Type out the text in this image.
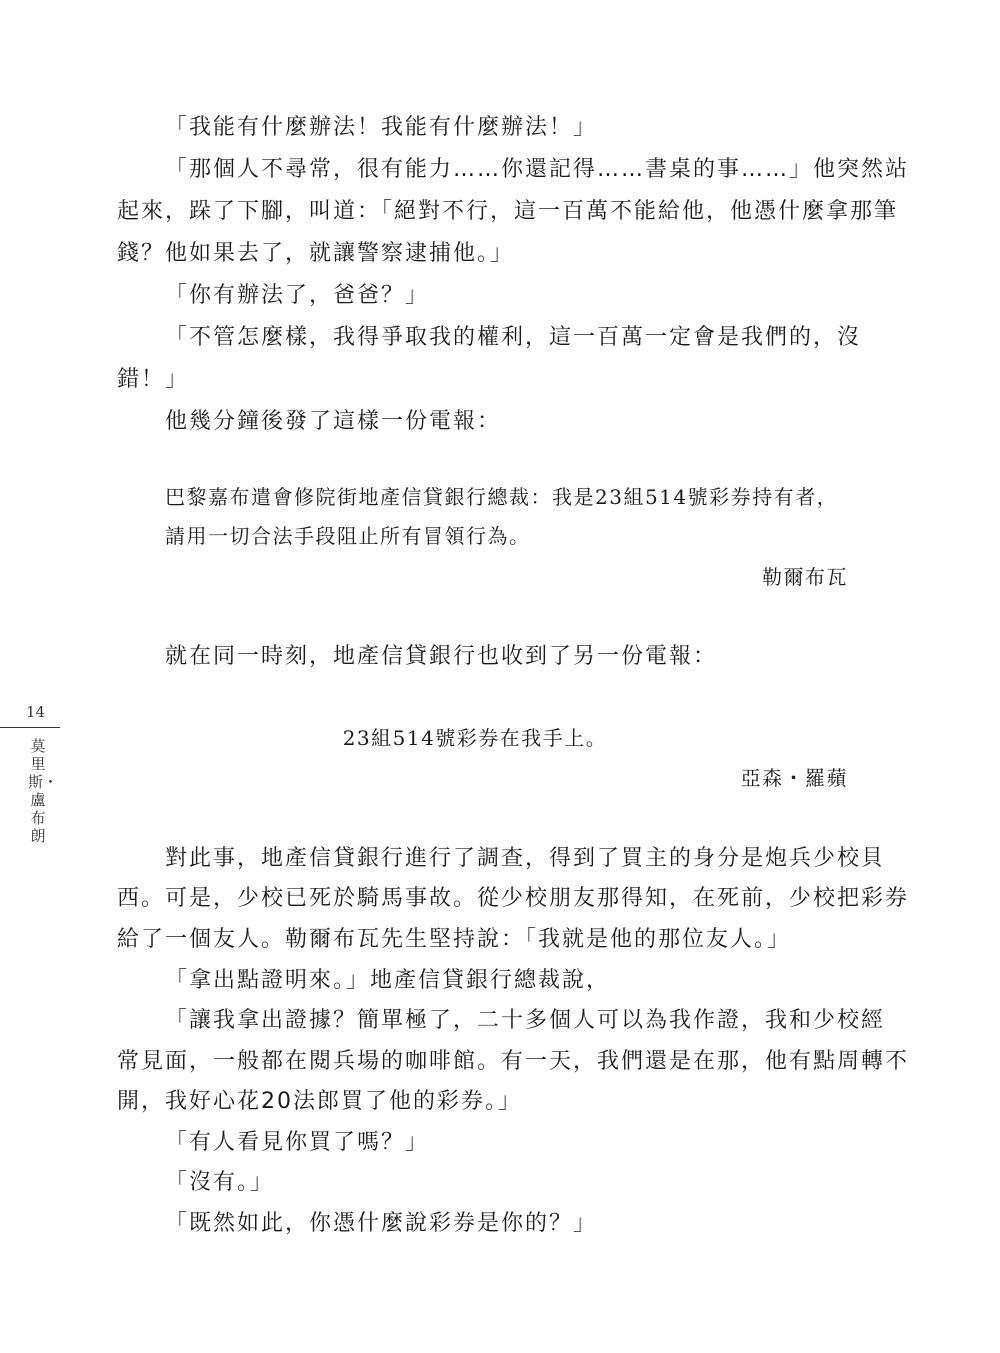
「我能有什麼辦法！我能有什麼辦法！」
「那個人不尋常，很有能力……你還記得……書桌的事……」他突然站
起來，跺了下腳，叫道：「絕對不行，這一百萬不能給他，他憑什麼拿那筆
錢？他如果去了，就讓警察逮捕他。」
「你有辦法了，爸爸？」
「不管怎麼樣，我得爭取我的權利，這一百萬一定會是我們的，沒
錯！」
他幾分鐘後發了這樣一份電報：
巴黎嘉布遣會修院街地產信貸銀行總裁：我是23組514號彩券持有者，
請用一切合法手段阻止所有冒領行為。
勒爾布瓦
就在同一時刻，地產信貸銀行也收到了另一份電報：
23組514號彩券在我手上。
亞森・羅蘋
對此事，地產信貸銀行進行了調查，得到了買主的身分是炮兵少校貝
西。可是，少校已死於騎馬事故。從少校朋友那得知，在死前，少校把彩券
給了一個友人。勒爾布瓦先生堅持說：「我就是他的那位友人。」
「拿出點證明來。」地產信貸銀行總裁說，
「讓我拿出證據？簡單極了，二十多個人可以為我作證，我和少校經
常見面，一般都在閱兵場的咖啡館。有一天，我們還是在那，他有點周轉不
開，我好心花20法郎買了他的彩券。」
「有人看見你買了嗎？」
「沒有。」
「既然如此，你憑什麼說彩券是你的？」
14
莫里斯・盧布朗
